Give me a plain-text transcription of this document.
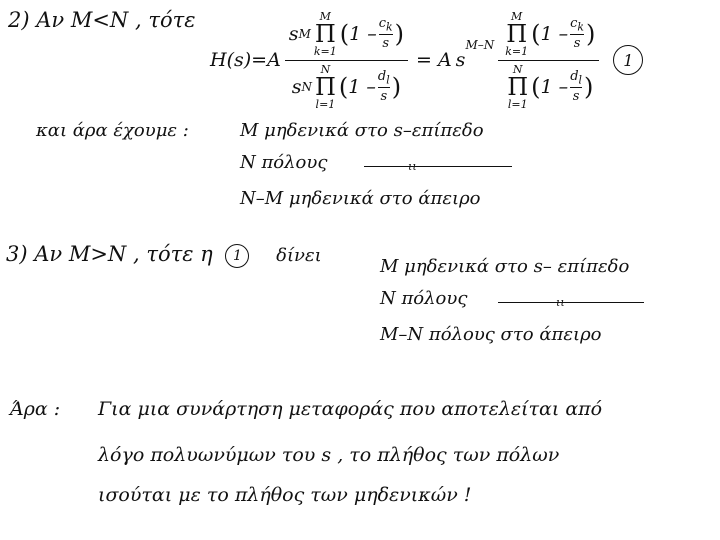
2) Αν M<N , τότε
H(s)=A
s M
M
Π
k=1
( $1 - \frac{c_k}{s}$ )
s N
N
Π
l=1
( $1 - \frac{d_l}{s}$ )
= A s
$^{M-N}$
M
Π
k=1
( $1 - \frac{c_k}{s}$ )
N
Π
l=1
( $1 - \frac{d_l}{s}$ )
1
και άρα έχουμε :	M μηδενικά στο s–επίπεδο
N πόλους	ιι
N–M μηδενικά στο άπειρο
3) Αν M>N , τότε η 1 δίνει
M μηδενικά στο s– επίπεδο
N πόλους	ιι
M–N πόλους στο άπειρο
Άρα : Για μια συνάρτηση μεταφοράς που αποτελείται από
λόγο πολυωνύμων του s , το πλήθος των πόλων
ισούται με το πλήθος των μηδενικών !
